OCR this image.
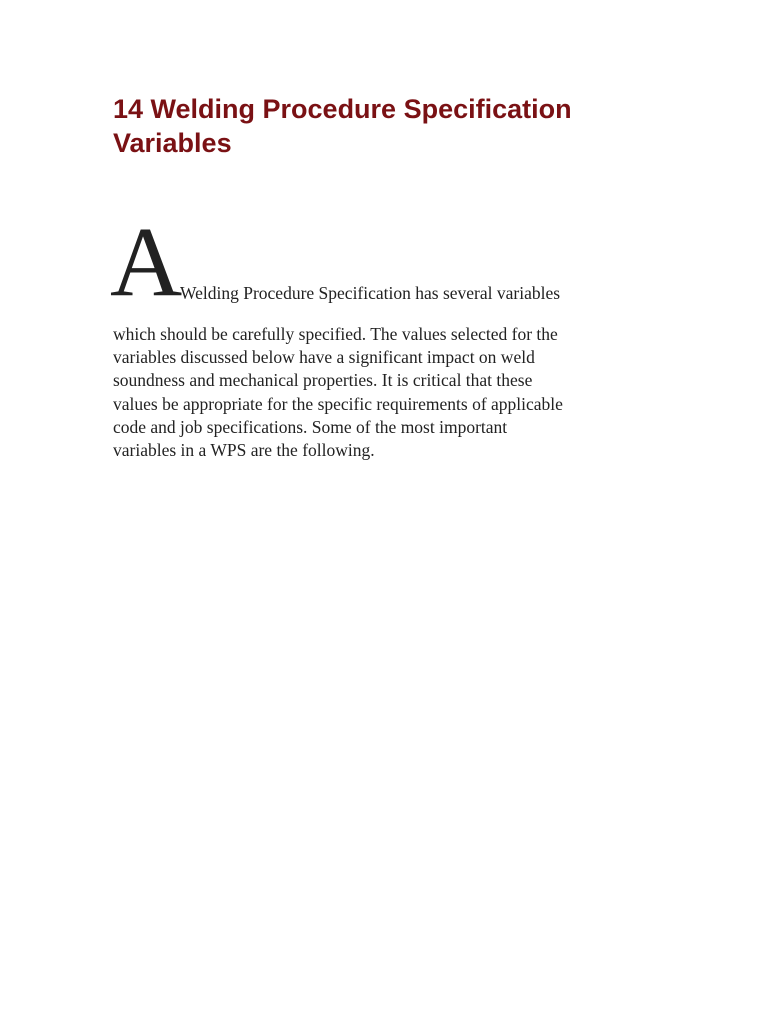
14 Welding Procedure Specification Variables
A
Welding Procedure Specification has several variables
which should be carefully specified. The values selected for the
variables discussed below have a significant impact on weld
soundness and mechanical properties. It is critical that these
values be appropriate for the specific requirements of applicable
code and job specifications. Some of the most important
variables in a WPS are the following.
